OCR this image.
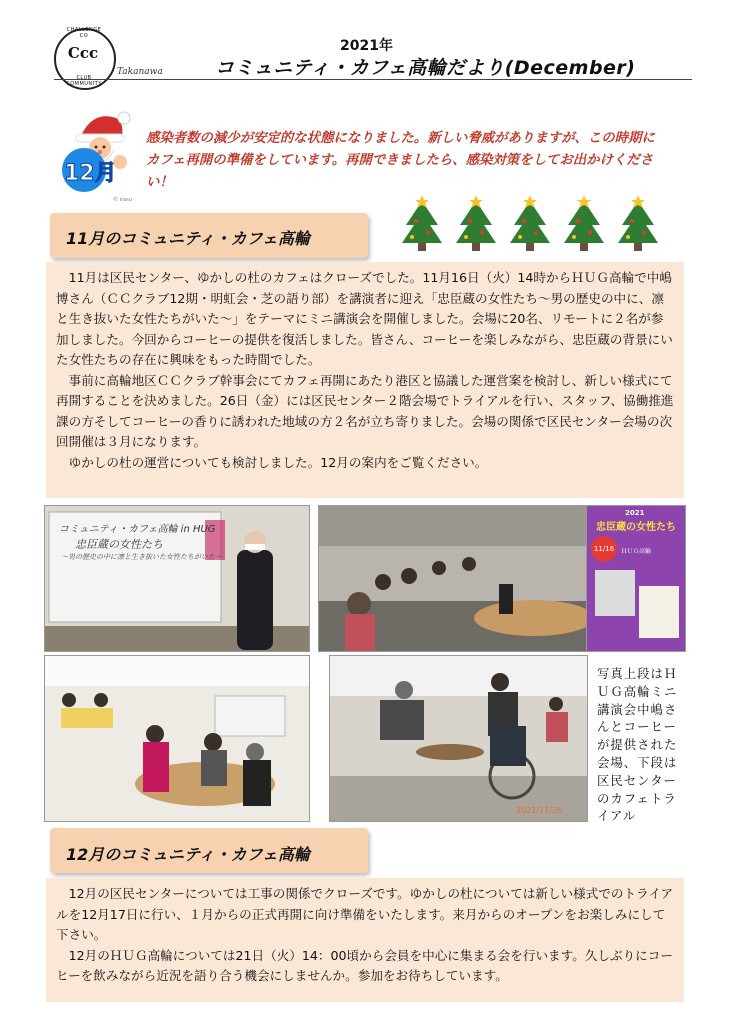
CHALLENGE CO
Ccc
CLUB COMMUNITY
Takanawa
2021年
コミュニティ・カフェ高輪だより(December)
12月
© irasu
感染者数の減少が安定的な状態になりました。新しい脅威がありますが、この時期にカフェ再開の準備をしています。再開できましたら、感染対策をしてお出かけください！
11月のコミュニティ・カフェ高輪

11月は区民センター、ゆかしの杜のカフェはクローズでした。11月16日（火）14時からＨＵＧ高輪で中嶋博さん（ＣＣクラブ12期・明虹会・芝の語り部）を講演者に迎え「忠臣蔵の女性たち～男の歴史の中に、凛と生き抜いた女性たちがいた～」をテーマにミニ講演会を開催しました。会場に20名、リモートに２名が参加しました。今回からコーヒーの提供を復活しました。皆さん、コーヒーを楽しみながら、忠臣蔵の背景にいた女性たちの存在に興味をもった時間でした。

事前に高輪地区ＣＣクラブ幹事会にてカフェ再開にあたり港区と協議した運営案を検討し、新しい様式にて再開することを決めました。26日（金）には区民センター２階会場でトライアルを行い、スタッフ、協働推進課の方そしてコーヒーの香りに誘われた地域の方２名が立ち寄りました。会場の関係で区民センター会場の次回開催は３月になります。

ゆかしの杜の運営についても検討しました。12月の案内をご覧ください。

コミュニティ・カフェ高輪 in HUG
忠臣蔵の女性たち
～男の歴史の中に凛と生き抜いた女性たちがいた～
2021
忠臣蔵の女性たち
11/16	ＨＵＧ高輪
2021/11/26
写真上段はＨＵＧ高輪ミニ講演会中嶋さんとコーヒーが提供された会場、下段は区民センターのカフェトライアル
12月のコミュニティ・カフェ高輪

12月の区民センターについては工事の関係でクローズです。ゆかしの杜については新しい様式でのトライアルを12月17日に行い、１月からの正式再開に向け準備をいたします。来月からのオープンをお楽しみにして下さい。

12月のＨＵＧ高輪については21日（火）14：00頃から会員を中心に集まる会を行います。久しぶりにコーヒーを飲みながら近況を語り合う機会にしませんか。参加をお待ちしています。
